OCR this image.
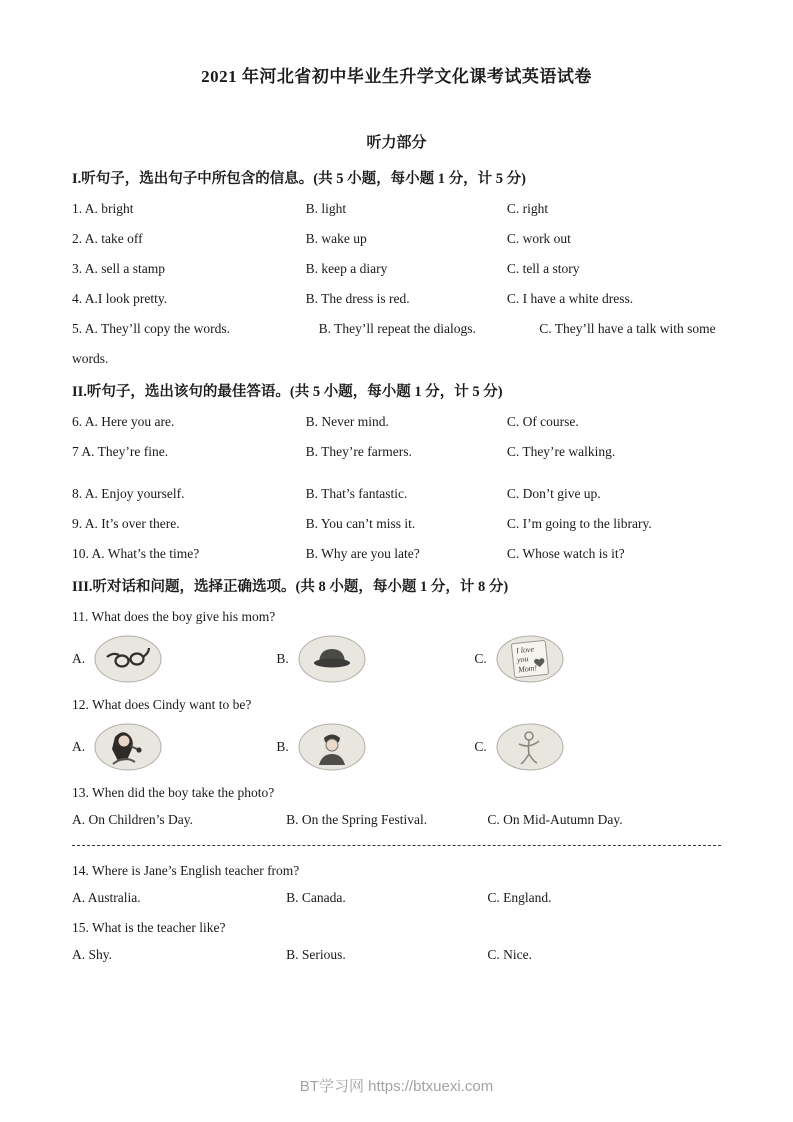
2021 年河北省初中毕业生升学文化课考试英语试卷
听力部分
I.听句子，选出句子中所包含的信息。(共 5 小题，每小题 1 分，计 5 分)
1. A. bright	B. light	C. right
2. A. take off	B. wake up	C. work out
3. A. sell a stamp	B. keep a diary	C. tell a story
4. A.I look pretty.	B. The dress is red.	C. I have a white dress.
5. A. They’ll copy the words.	B. They’ll repeat the dialogs.	C. They’ll have a talk with some
words.
II.听句子，选出该句的最佳答语。(共 5 小题，每小题 1 分，计 5 分)
6. A. Here you are.	B. Never mind.	C. Of course.
7 A. They’re fine.	B. They’re farmers.	C. They’re walking.
8. A. Enjoy yourself.	B. That’s fantastic.	C. Don’t give up.
9. A. It’s over there.	B. You can’t miss it.	C. I’m going to the library.
10. A. What’s the time?	B. Why are you late?	C. Whose watch is it?
III.听对话和问题，选择正确选项。(共 8 小题，每小题 1 分，计 8 分)
11. What does the boy give his mom?
A.	B.	C.
I love
you
Mom!
12. What does Cindy want to be?
A.	B.	C.
13. When did the boy take the photo?
A. On Children’s Day.	B. On the Spring Festival.	C. On Mid-Autumn Day.
14. Where is Jane’s English teacher from?
A. Australia.	B. Canada.	C. England.
15. What is the teacher like?
A. Shy.	B. Serious.	C. Nice.
BT学习网 https://btxuexi.com
